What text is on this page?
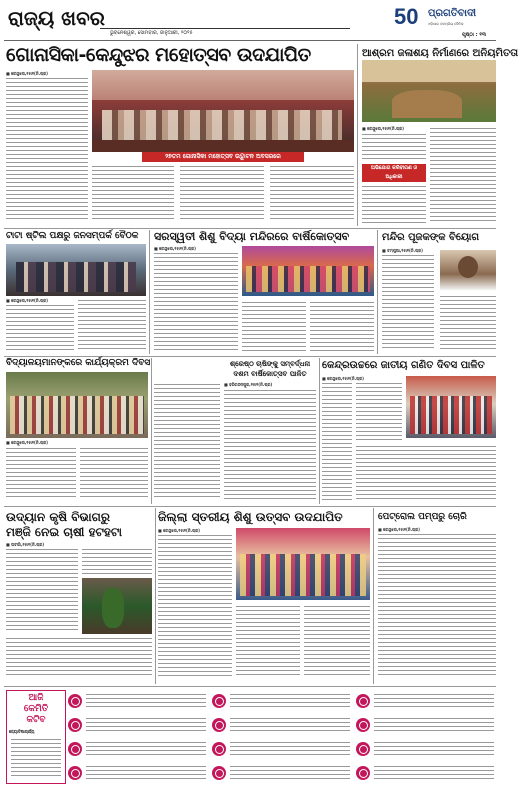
ରାଜ୍ୟ ଖବର
ଭୁବନେଶ୍ୱର, ସୋମବାର, ଜାନୁଆରୀ, ୨୦୨୫
50 ପ୍ରଗତିବାଦୀ
ଓଡ଼ିଶାର ଜନପ୍ରିୟ ଦୈନିକ
ପୃଷ୍ଠା : ୧୩
ଗୋନାସିକା-କେନ୍ଦୁଝର ମହୋତ୍ସବ ଉଦଯାପିତ
■ କେନ୍ଦୁଝର,୧୫ା୧(ନି.ପ୍ର)
୨୭ତମ ଗୋନାସିକା ମହୋତ୍ସବ ଉଦ୍ଘାଟନ ଅବସରରେ
ଆଶ୍ରମ ଜଳାଶୟ ନିର୍ମାଣରେ ଅନିୟମିତତା
■ କେନ୍ଦୁଝର,୧୫ା୧(ନି.ପ୍ର)
ଅଭିଯୋଗ କରିବୀଗଣ ଓ ଅଧିକାରୀ
ଟାଟା ଷ୍ଟିଲ ପକ୍ଷରୁ ଜନସମ୍ପର୍କ ବୈଠକ
■ କେନ୍ଦୁଝର,୧୫ା୧(ନି.ପ୍ର)
ସରସ୍ୱତୀ ଶିଶୁ ବିଦ୍ୟା ମନ୍ଦିରରେ ବାର୍ଷିକୋତ୍ସବ
■ କେନ୍ଦୁଝର,୧୫ା୧(ନି.ପ୍ର)
ମନ୍ଦିର ପୂଜକଙ୍କ ବିୟୋଗ
■ ଚମ୍ପୁଆ,୧୫ା୧(ନି.ପ୍ର)
ବିଦ୍ୟାଳୟମାନଙ୍କରେ କାର୍ଯ୍ୟକ୍ରମ ଦିବସ
■ କେନ୍ଦୁଝର,୧୫ା୧(ନି.ପ୍ର)
ଶ୍ରେଷ୍ଠ ଚାଷିଙ୍କୁ ସମ୍ବର୍ଦ୍ଧନା
ଦଶମ ବାର୍ଷିକୋତ୍ସବ ପାଳିତ
■ ହରିଚନ୍ଦନପୁର,୧୫ା୧(ନି.ପ୍ର)
କେନ୍ଦ୍ରଉଚ୍ଚରେ ଜାତୀୟ ଗଣିତ ଦିବସ ପାଳିତ
■ କେନ୍ଦୁଝର,୧୫ା୧(ନି.ପ୍ର)
ଉଦ୍ୟାନ କୃଷି ବିଭାଗରୁ
ମଞ୍ଜି ନେଇ ଚାଷୀ ହଟହଟା
■ ଘଟଗାଁ,୧୫ା୧(ନି.ପ୍ର)
ଜିଲ୍ଲା ସ୍ତରୀୟ ଶିଶୁ ଉତ୍ସବ ଉଦଯାପିତ
■ କେନ୍ଦୁଝର,୧୫ା୧(ନି.ପ୍ର)
ପେଟ୍ରୋଲ ପମ୍ପରୁ ଚୋରି
■ କେନ୍ଦୁଝର,୧୫ା୧(ନି.ପ୍ର)
ଆଜି
କେମିତି
କଟିବ
ଜ୍ୟୋତିଷାଚାର୍ଯ୍ୟ
